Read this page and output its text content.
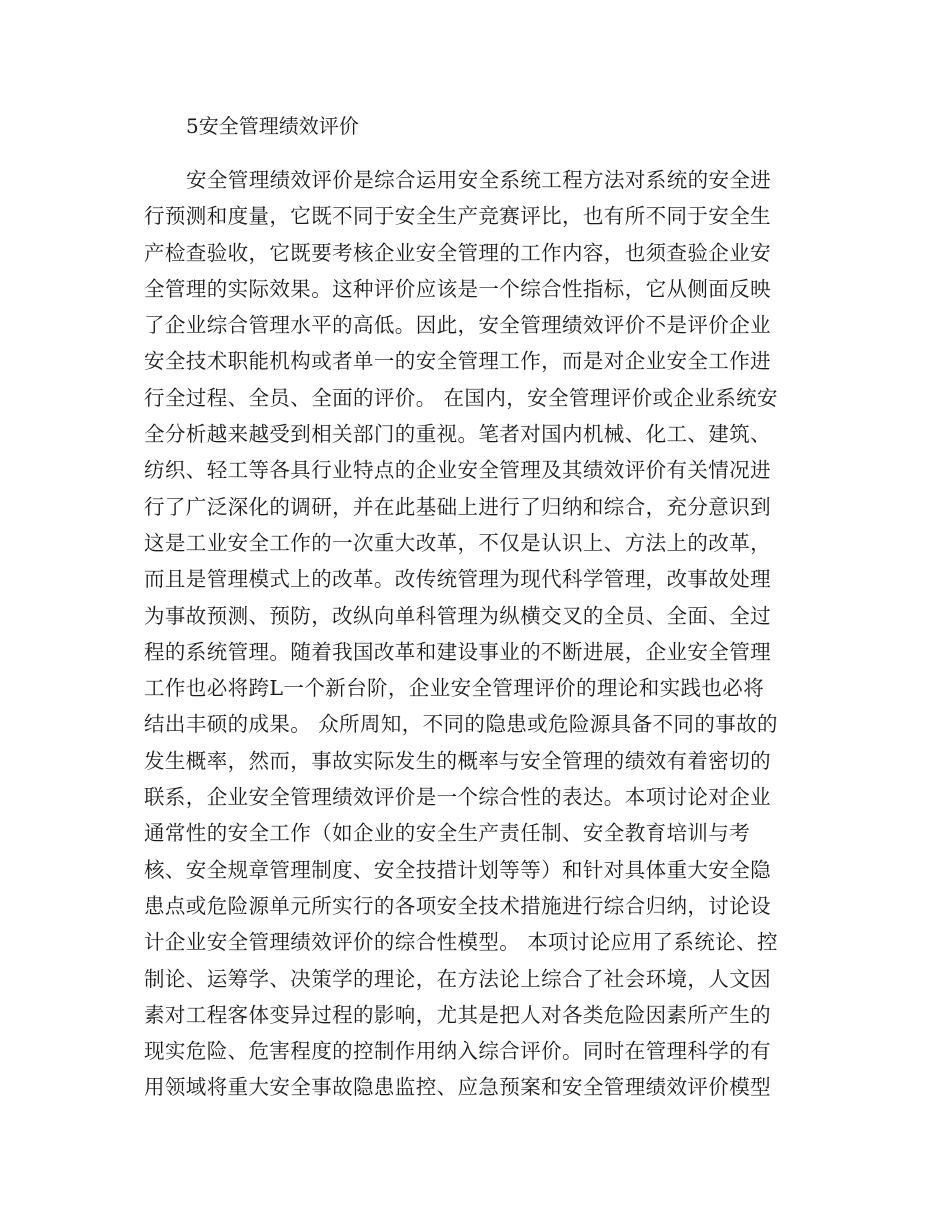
5安全管理绩效评价
安全管理绩效评价是综合运用安全系统工程方法对系统的安全进
行预测和度量，它既不同于安全生产竞赛评比，也有所不同于安全生
产检查验收，它既要考核企业安全管理的工作内容，也须查验企业安
全管理的实际效果。这种评价应该是一个综合性指标，它从侧面反映
了企业综合管理水平的高低。因此，安全管理绩效评价不是评价企业
安全技术职能机构或者单一的安全管理工作，而是对企业安全工作进
行全过程、全员、全面的评价。 在国内，安全管理评价或企业系统安
全分析越来越受到相关部门的重视。笔者对国内机械、化工、建筑、
纺织、轻工等各具行业特点的企业安全管理及其绩效评价有关情况进
行了广泛深化的调研，并在此基础上进行了归纳和综合，充分意识到
这是工业安全工作的一次重大改革，不仅是认识上、方法上的改革，
而且是管理模式上的改革。改传统管理为现代科学管理，改事故处理
为事故预测、预防，改纵向单科管理为纵横交叉的全员、全面、全过
程的系统管理。随着我国改革和建设事业的不断进展，企业安全管理
工作也必将跨L一个新台阶，企业安全管理评价的理论和实践也必将
结出丰硕的成果。 众所周知，不同的隐患或危险源具备不同的事故的
发生概率，然而，事故实际发生的概率与安全管理的绩效有着密切的
联系，企业安全管理绩效评价是一个综合性的表达。本项讨论对企业
通常性的安全工作（如企业的安全生产责任制、安全教育培训与考
核、安全规章管理制度、安全技措计划等等）和针对具体重大安全隐
患点或危险源单元所实行的各项安全技术措施进行综合归纳，讨论设
计企业安全管理绩效评价的综合性模型。 本项讨论应用了系统论、控
制论、运筹学、决策学的理论，在方法论上综合了社会环境，人文因
素对工程客体变异过程的影响，尤其是把人对各类危险因素所产生的
现实危险、危害程度的控制作用纳入综合评价。同时在管理科学的有
用领域将重大安全事故隐患监控、应急预案和安全管理绩效评价模型
